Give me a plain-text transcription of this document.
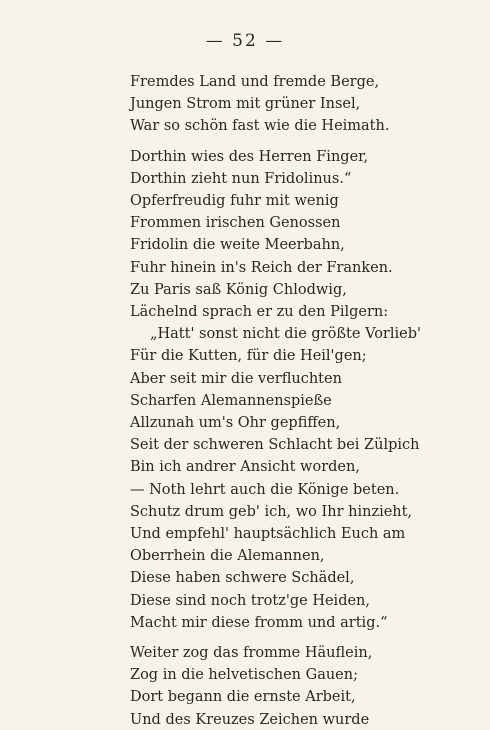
— 52 —
Fremdes Land und fremde Berge,
Jungen Strom mit grüner Insel,
War so schön fast wie die Heimath.
Dorthin wies des Herren Finger,
Dorthin zieht nun Fridolinus.“
Opferfreudig fuhr mit wenig
Frommen irischen Genossen
Fridolin die weite Meerbahn,
Fuhr hinein in's Reich der Franken.
Zu Paris saß König Chlodwig,
Lächelnd sprach er zu den Pilgern:
„Hatt' sonst nicht die größte Vorlieb'
Für die Kutten, für die Heil'gen;
Aber seit mir die verfluchten
Scharfen Alemannenspieße
Allzunah um's Ohr gepfiffen,
Seit der schweren Schlacht bei Zülpich
Bin ich andrer Ansicht worden,
— Noth lehrt auch die Könige beten.
Schutz drum geb' ich, wo Ihr hinzieht,
Und empfehl' hauptsächlich Euch am
Oberrhein die Alemannen,
Diese haben schwere Schädel,
Diese sind noch trotz'ge Heiden,
Macht mir diese fromm und artig.“
Weiter zog das fromme Häuflein,
Zog in die helvetischen Gauen;
Dort begann die ernste Arbeit,
Und des Kreuzes Zeichen wurde
